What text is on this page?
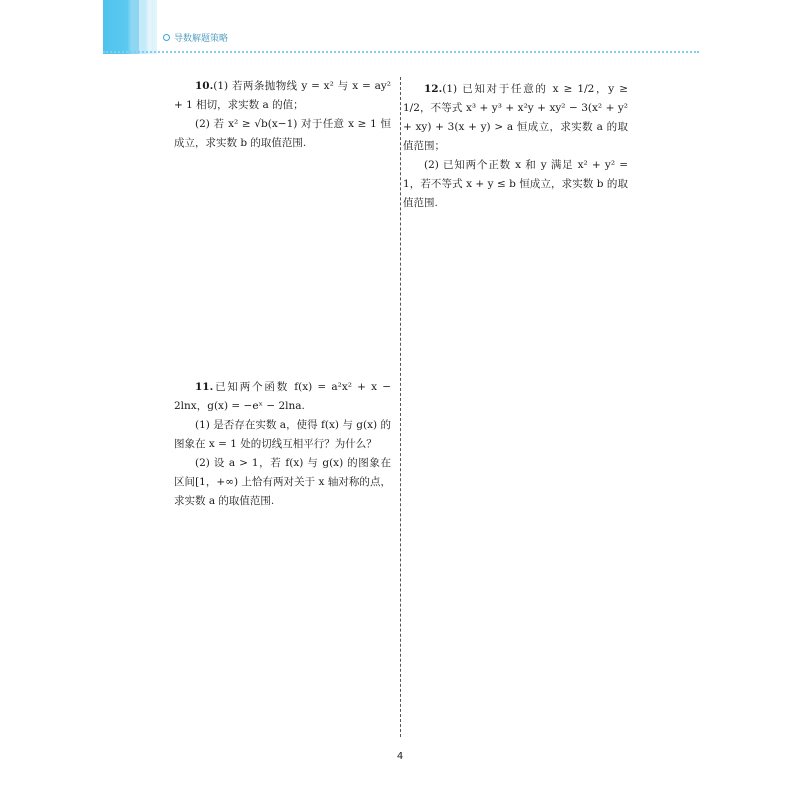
导数解题策略

10.(1) 若两条抛物线 y = x² 与 x = ay² + 1 相切，求实数 a 的值；

(2) 若 x² ≥ √b(x−1) 对于任意 x ≥ 1 恒成立，求实数 b 的取值范围.

11.已知两个函数 f(x) = a²x² + x − 2lnx，g(x) = −eˣ − 2lna.

(1) 是否存在实数 a，使得 f(x) 与 g(x) 的图象在 x = 1 处的切线互相平行？为什么？

(2) 设 a > 1，若 f(x) 与 g(x) 的图象在区间[1，+∞) 上恰有两对关于 x 轴对称的点，求实数 a 的取值范围.

12.(1) 已知对于任意的 x ≥ 1/2，y ≥ 1/2，不等式 x³ + y³ + x²y + xy² − 3(x² + y² + xy) + 3(x + y) > a 恒成立，求实数 a 的取值范围；

(2) 已知两个正数 x 和 y 满足 x² + y² = 1，若不等式 x + y ≤ b 恒成立，求实数 b 的取值范围.

4
